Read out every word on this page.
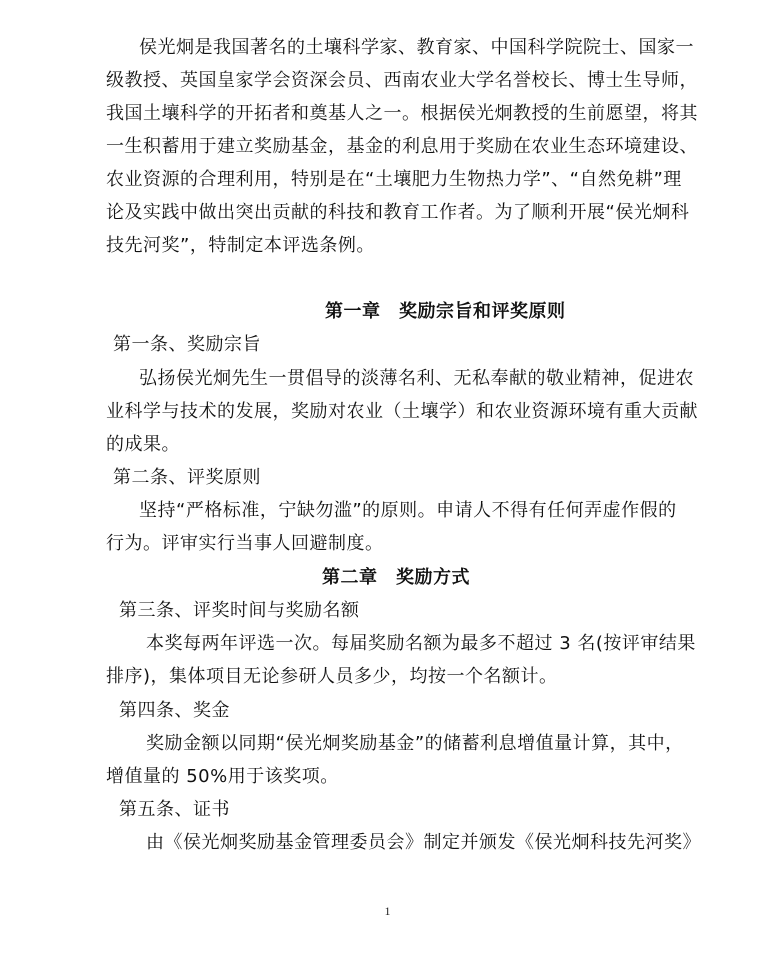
侯光炯是我国著名的土壤科学家、教育家、中国科学院院士、国家一
级教授、英国皇家学会资深会员、西南农业大学名誉校长、博士生导师，
我国土壤科学的开拓者和奠基人之一。根据侯光炯教授的生前愿望，将其
一生积蓄用于建立奖励基金，基金的利息用于奖励在农业生态环境建设、
农业资源的合理利用，特别是在“土壤肥力生物热力学”、“自然免耕”理
论及实践中做出突出贡献的科技和教育工作者。为了顺利开展“侯光炯科
技先河奖”，特制定本评选条例。
第一章　奖励宗旨和评奖原则
第一条、奖励宗旨
弘扬侯光炯先生一贯倡导的淡薄名利、无私奉献的敬业精神，促进农
业科学与技术的发展，奖励对农业（土壤学）和农业资源环境有重大贡献
的成果。
第二条、评奖原则
坚持“严格标准，宁缺勿滥”的原则。申请人不得有任何弄虚作假的
行为。评审实行当事人回避制度。
第二章　奖励方式
第三条、评奖时间与奖励名额
本奖每两年评选一次。每届奖励名额为最多不超过 3 名(按评审结果
排序)，集体项目无论参研人员多少，均按一个名额计。
第四条、奖金
奖励金额以同期“侯光炯奖励基金”的储蓄利息增值量计算，其中，
增值量的 50%用于该奖项。
第五条、证书
由《侯光炯奖励基金管理委员会》制定并颁发《侯光炯科技先河奖》
1
